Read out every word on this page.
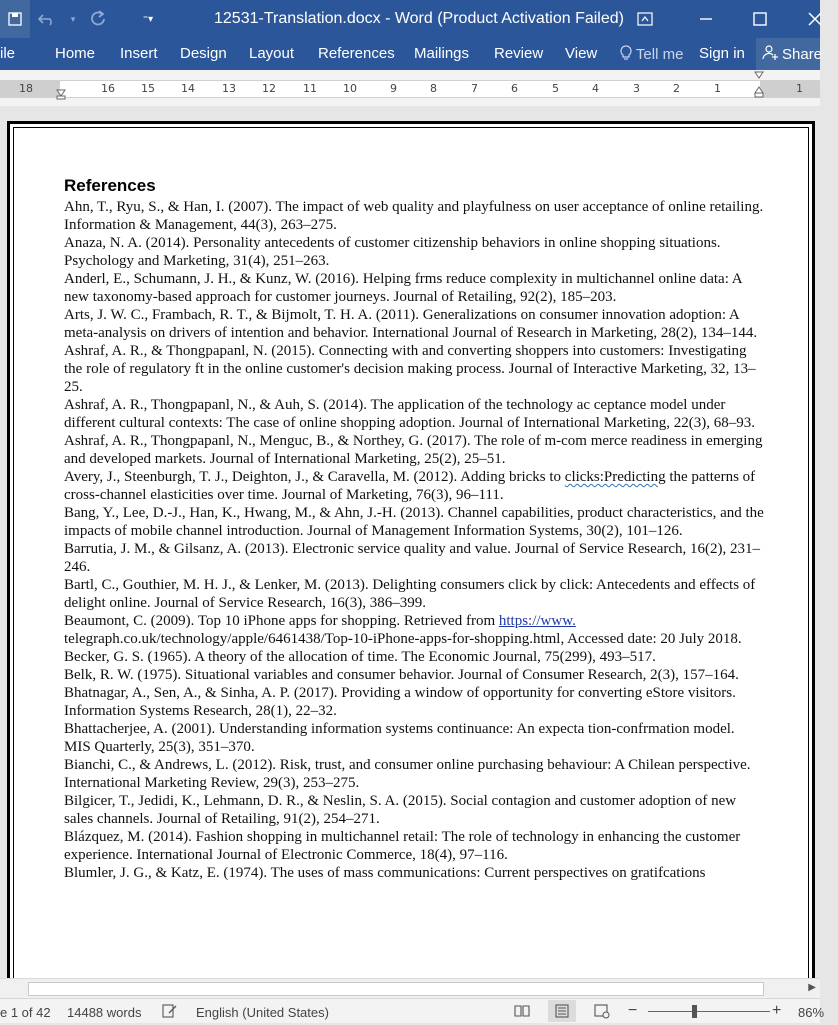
▾	⁼▾	12531-Translation.docx - Word (Product Activation Failed)
ile	Home Insert Design Layout References Mailings Review View	Tell me Sign in Share
18	16 15 14 13 12 11 10	9	8	7	6	5	4	3	2	1	1
References
Ahn, T., Ryu, S., & Han, I. (2007). The impact of web quality and playfulness on user acceptance of online retailing. Information & Management, 44(3), 263–275.
Anaza, N. A. (2014). Personality antecedents of customer citizenship behaviors in online shopping situations. Psychology and Marketing, 31(4), 251–263.
Anderl, E., Schumann, J. H., & Kunz, W. (2016). Helping frms reduce complexity in multichannel online data: A new taxonomy-based approach for customer journeys. Journal of Retailing, 92(2), 185–203.
Arts, J. W. C., Frambach, R. T., & Bijmolt, T. H. A. (2011). Generalizations on consumer innovation adoption: A meta-analysis on drivers of intention and behavior. International Journal of Research in Marketing, 28(2), 134–144.
Ashraf, A. R., & Thongpapanl, N. (2015). Connecting with and converting shoppers into customers: Investigating the role of regulatory ft in the online customer's decision making process. Journal of Interactive Marketing, 32, 13–25.
Ashraf, A. R., Thongpapanl, N., & Auh, S. (2014). The application of the technology ac ceptance model under different cultural contexts: The case of online shopping adoption. Journal of International Marketing, 22(3), 68–93.
Ashraf, A. R., Thongpapanl, N., Menguc, B., & Northey, G. (2017). The role of m-com merce readiness in emerging and developed markets. Journal of International Marketing, 25(2), 25–51.
Avery, J., Steenburgh, T. J., Deighton, J., & Caravella, M. (2012). Adding bricks to clicks:Predicting the patterns of cross-channel elasticities over time. Journal of Marketing, 76(3), 96–111.
Bang, Y., Lee, D.-J., Han, K., Hwang, M., & Ahn, J.-H. (2013). Channel capabilities, product characteristics, and the impacts of mobile channel introduction. Journal of Management Information Systems, 30(2), 101–126.
Barrutia, J. M., & Gilsanz, A. (2013). Electronic service quality and value. Journal of Service Research, 16(2), 231–246.
Bartl, C., Gouthier, M. H. J., & Lenker, M. (2013). Delighting consumers click by click: Antecedents and effects of delight online. Journal of Service Research, 16(3), 386–399.
Beaumont, C. (2009). Top 10 iPhone apps for shopping. Retrieved from https://www. telegraph.co.uk/technology/apple/6461438/Top-10-iPhone-apps-for-shopping.html, Accessed date: 20 July 2018.
Becker, G. S. (1965). A theory of the allocation of time. The Economic Journal, 75(299), 493–517.
Belk, R. W. (1975). Situational variables and consumer behavior. Journal of Consumer Research, 2(3), 157–164.
Bhatnagar, A., Sen, A., & Sinha, A. P. (2017). Providing a window of opportunity for converting eStore visitors. Information Systems Research, 28(1), 22–32.
Bhattacherjee, A. (2001). Understanding information systems continuance: An expecta tion-confrmation model. MIS Quarterly, 25(3), 351–370.
Bianchi, C., & Andrews, L. (2012). Risk, trust, and consumer online purchasing behaviour: A Chilean perspective. International Marketing Review, 29(3), 253–275.
Bilgicer, T., Jedidi, K., Lehmann, D. R., & Neslin, S. A. (2015). Social contagion and customer adoption of new sales channels. Journal of Retailing, 91(2), 254–271.
Blázquez, M. (2014). Fashion shopping in multichannel retail: The role of technology in enhancing the customer experience. International Journal of Electronic Commerce, 18(4), 97–116.
Blumler, J. G., & Katz, E. (1974). The uses of mass communications: Current perspectives on gratifcations
▶
e 1 of 42 14488 words	English (United States)	−	+ 86%
